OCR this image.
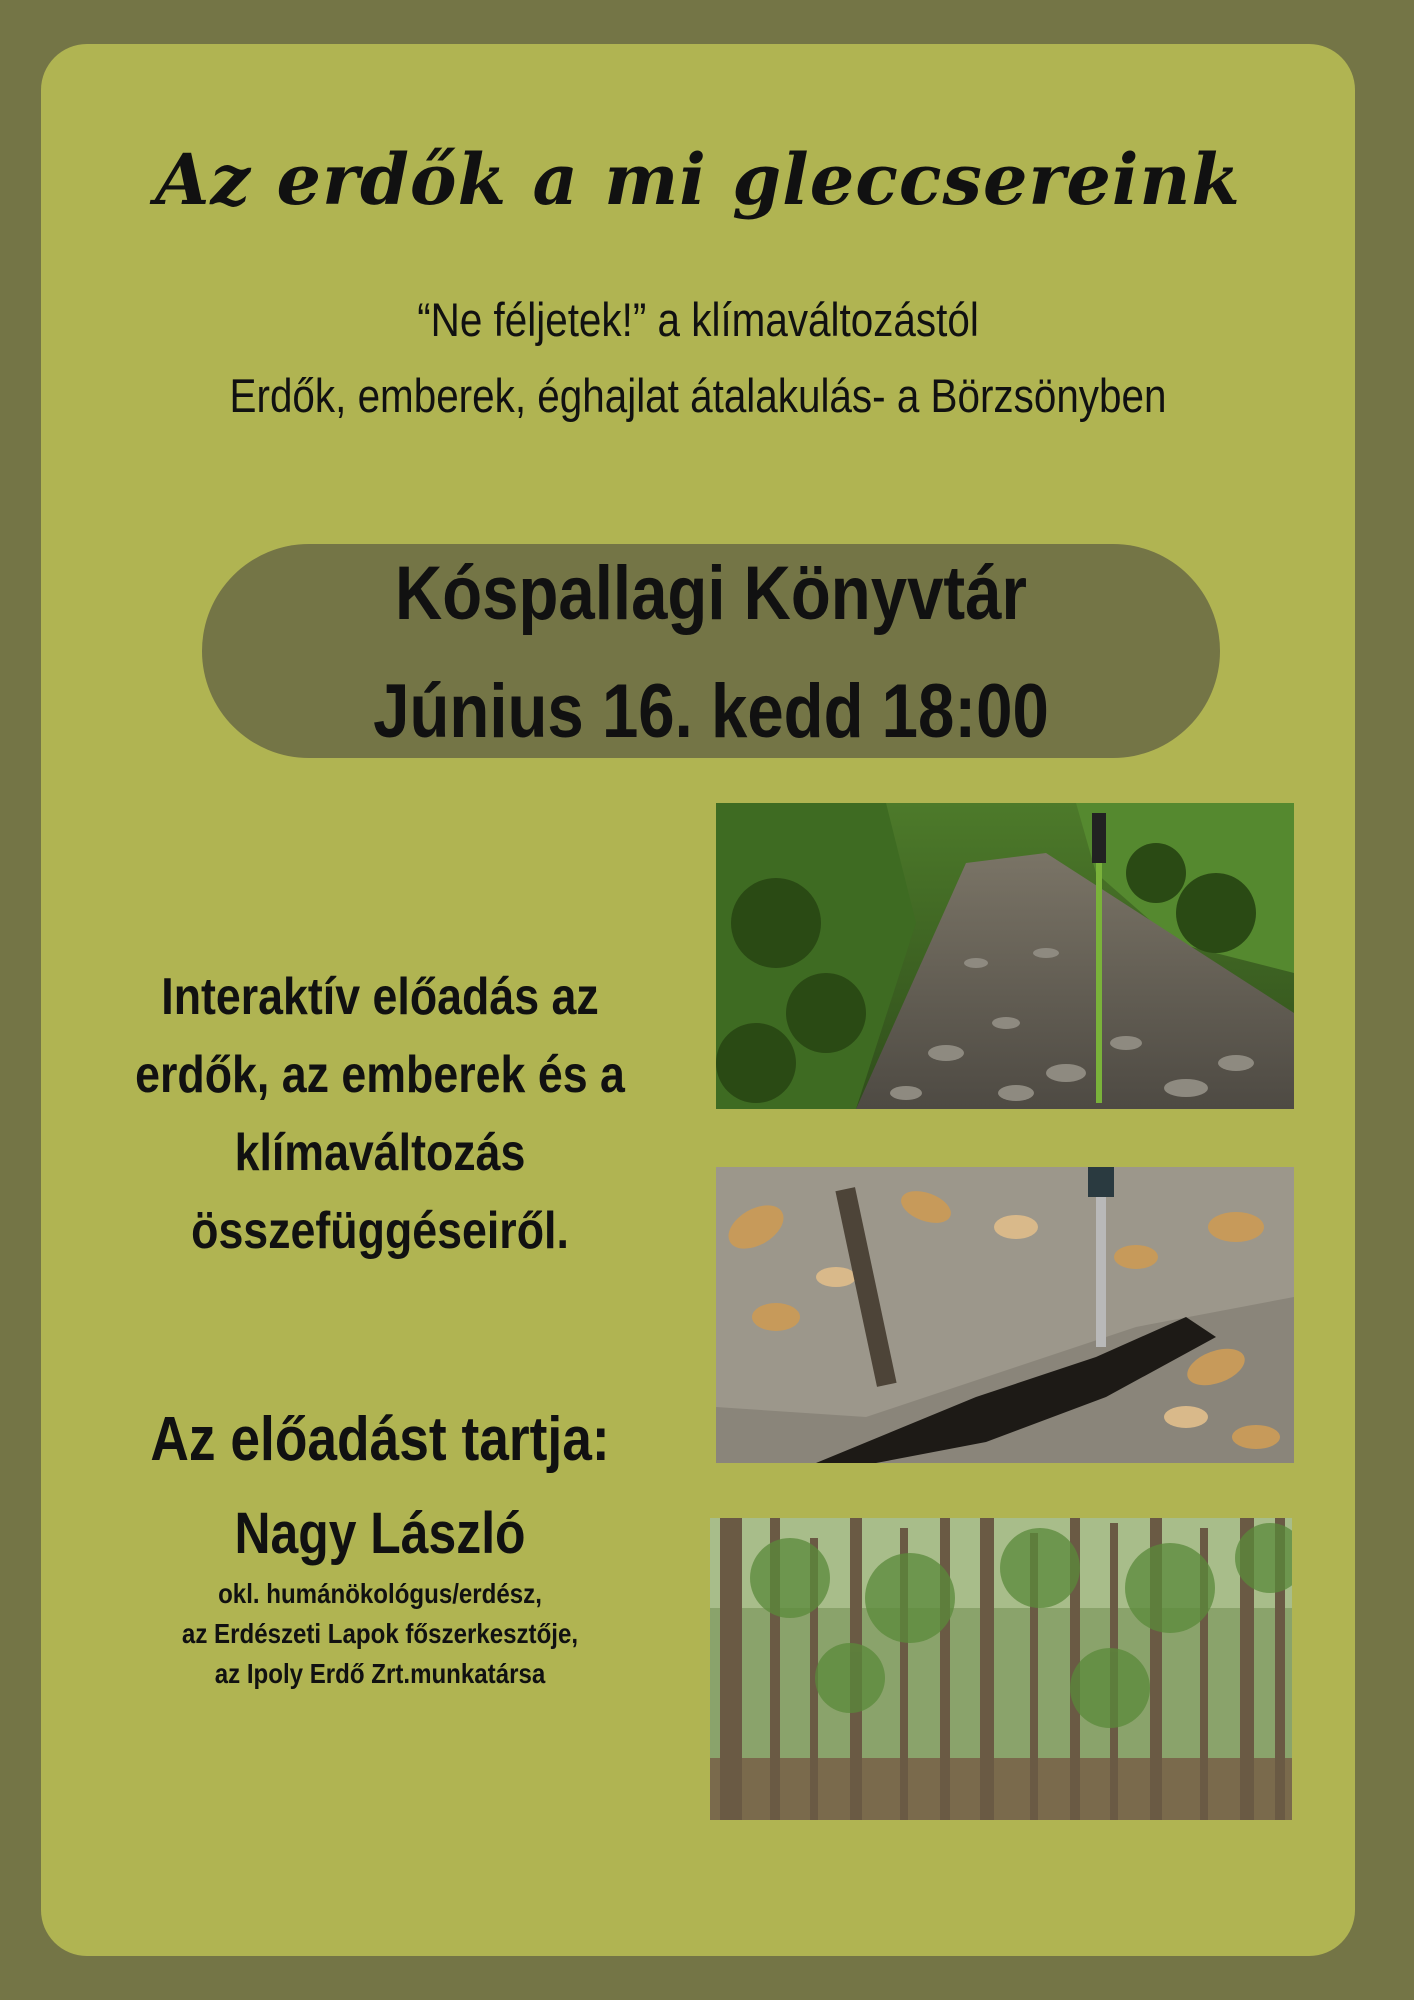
Az erdők a mi gleccsereink

“Ne féljetek!” a klímaváltozástól

Erdők, emberek, éghajlat átalakulás- a Börzsönyben

Kóspallagi Könyvtár

Június 16. kedd 18:00

Interaktív előadás az
erdők, az emberek és a
klímaváltozás
összefüggéseiről.

Az előadást tartja:

Nagy László

okl. humánökológus/erdész,

az Erdészeti Lapok főszerkesztője,

az Ipoly Erdő Zrt.munkatársa
